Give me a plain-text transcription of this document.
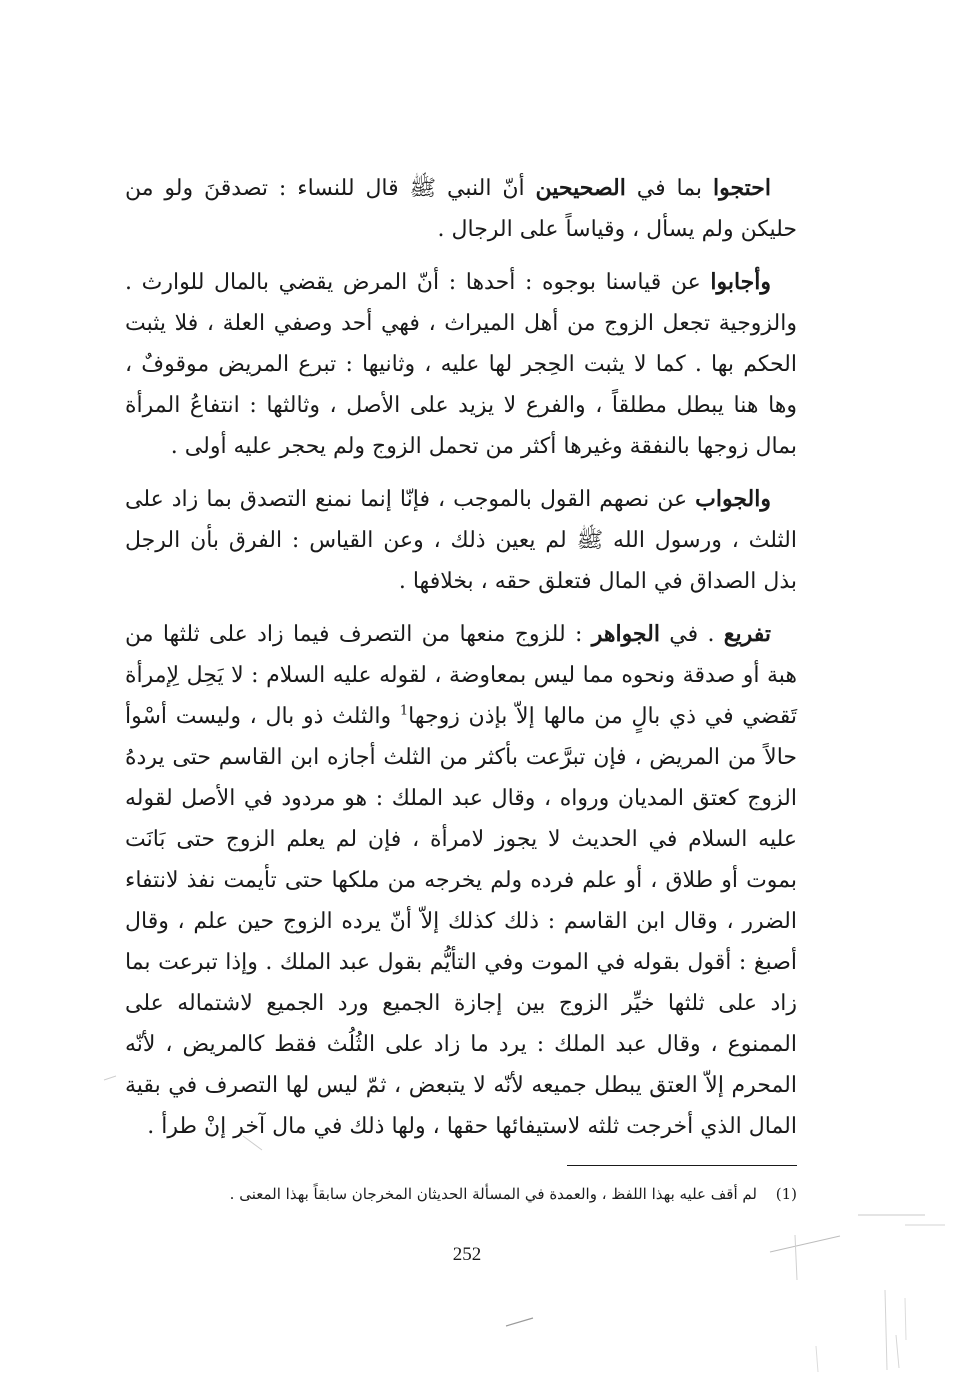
احتجوا بما في الصحيحين أنّ النبي ﷺ قال للنساء : تصدقنَ ولو من حليكن ولم يسأل ، وقياساً على الرجال .

وأجابوا عن قياسنا بوجوه : أحدها : أنّ المرض يقضي بالمال للوارث . والزوجية تجعل الزوج من أهل الميراث ، فهي أحد وصفي العلة ، فلا يثبت الحكم بها . كما لا يثبت الحِجر لها عليه ، وثانيها : تبرع المريض موقوفٌ ، وها هنا يبطل مطلقاً ، والفرع لا يزيد على الأصل ، وثالثها : انتفاعُ المرأة بمال زوجها بالنفقة وغيرها أكثر من تحمل الزوج ولم يحجر عليه أولى .

والجواب عن نصهم القول بالموجب ، فإنّا إنما نمنع التصدق بما زاد على الثلث ، ورسول الله ﷺ لم يعين ذلك ، وعن القياس : الفرق بأن الرجل بذل الصداق في المال فتعلق حقه ، بخلافها .

تفريع . في الجواهر : للزوج منعها من التصرف فيما زاد على ثلثها من هبة أو صدقة ونحوه مما ليس بمعاوضة ، لقوله عليه السلام : لا يَحِل لِإمرأة تَقضي في ذي بالٍ من مالها إلاّ بإذن زوجها$^1$ والثلث ذو بال ، وليست أسْوأ حالاً من المريض ، فإن تبرَّعت بأكثر من الثلث أجازه ابن القاسم حتى يردهُ الزوج كعتق المديان ورواه ، وقال عبد الملك : هو مردود في الأصل لقوله عليه السلام في الحديث لا يجوز لامرأة ، فإن لم يعلم الزوج حتى بَانَت بموت أو طلاق ، أو علم فرده ولم يخرجه من ملكها حتى تأيمت نفذ لانتفاء الضرر ، وقال ابن القاسم : ذلك كذلك إلاّ أنّ يرده الزوج حين علم ، وقال أصبغ : أقول بقوله في الموت وفي التأيُّم بقول عبد الملك . وإذا تبرعت بما زاد على ثلثها خيِّر الزوج بين إجازة الجميع ورد الجميع لاشتماله على الممنوع ، وقال عبد الملك : يرد ما زاد على الثُلُث فقط كالمريض ، لأنّه المحرم إلاّ العتق يبطل جميعه لأنّه لا يتبعض ، ثمّ ليس لها التصرف في بقية المال الذي أخرجت ثلثه لاستيفائها حقها ، ولها ذلك في مال آخر إنْ طرأ .

(1) لم أقف عليه بهذا اللفظ ، والعمدة في المسألة الحديثان المخرجان سابقاً بهذا المعنى .
252
